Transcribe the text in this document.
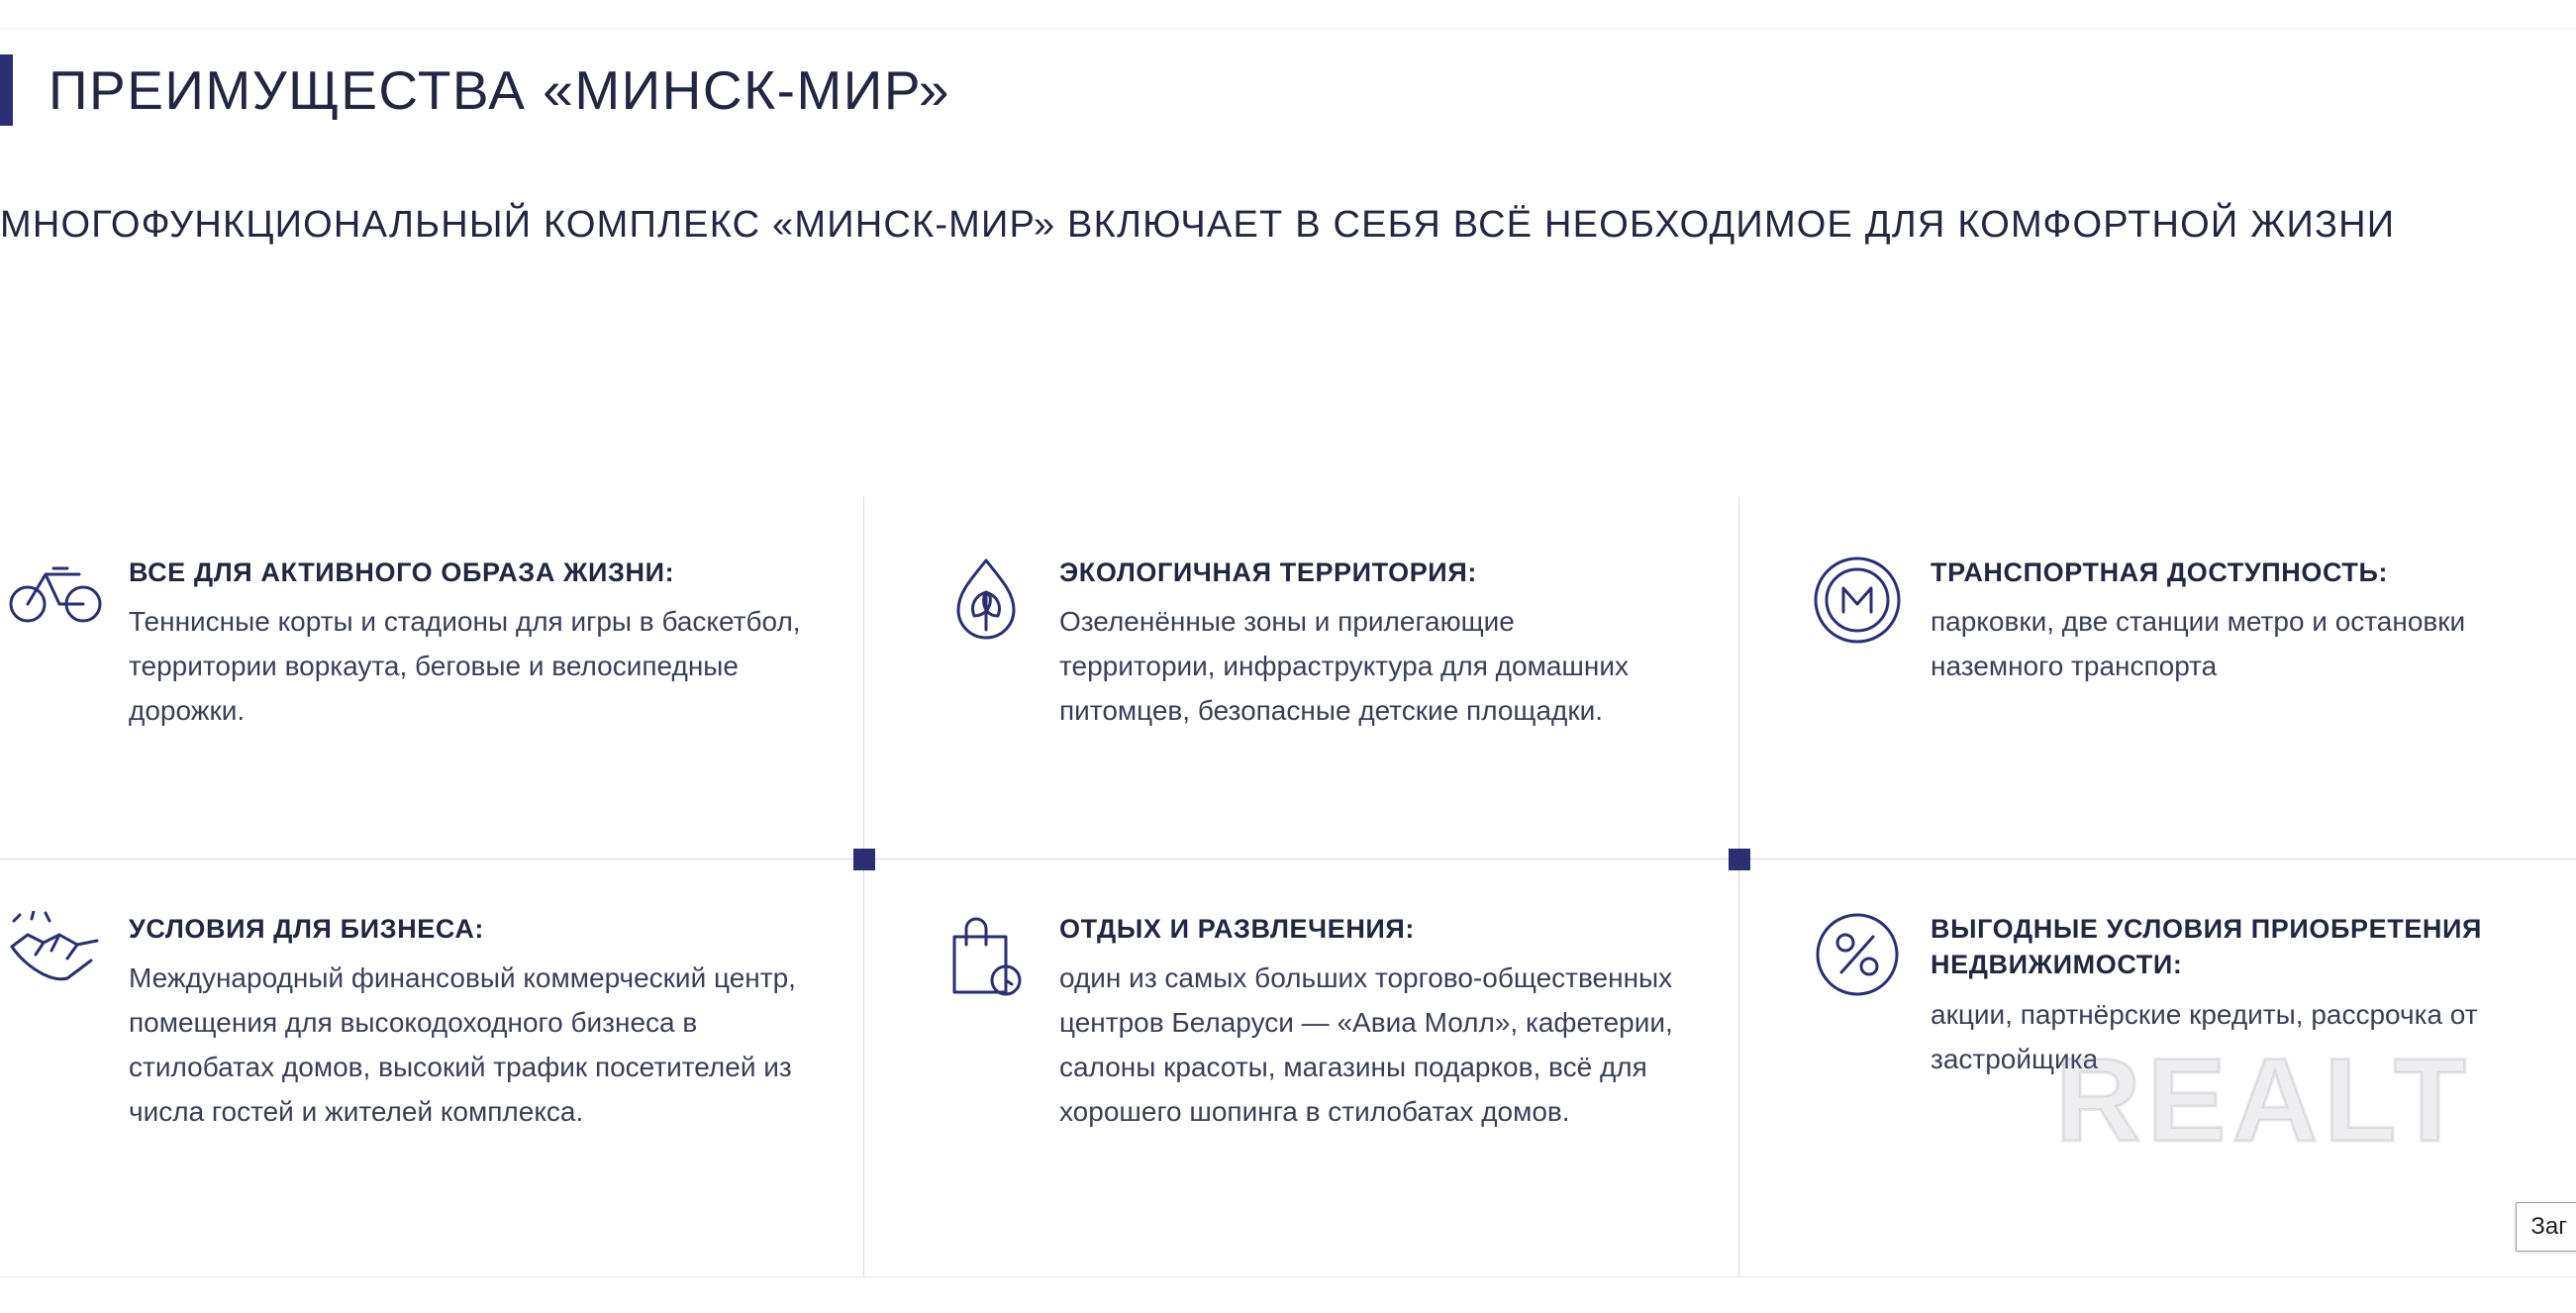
ПРЕИМУЩЕСТВА «МИНСК-МИР»
МНОГОФУНКЦИОНАЛЬНЫЙ КОМПЛЕКС «МИНСК-МИР» ВКЛЮЧАЕТ В СЕБЯ ВСЁ НЕОБХОДИМОЕ ДЛЯ КОМФОРТНОЙ ЖИЗНИ
ВСЕ ДЛЯ АКТИВНОГО ОБРАЗА ЖИЗНИ:
Теннисные корты и стадионы для игры в баскетбол, территории воркаута, беговые и велосипедные дорожки.
ЭКОЛОГИЧНАЯ ТЕРРИТОРИЯ:
Озеленённые зоны и прилегающие территории, инфраструктура для домашних питомцев, безопасные детские площадки.
ТРАНСПОРТНАЯ ДОСТУПНОСТЬ:
парковки, две станции метро и остановки наземного транспорта
УСЛОВИЯ ДЛЯ БИЗНЕСА:
Международный финансовый коммерческий центр, помещения для высокодоходного бизнеса в стилобатах домов, высокий трафик посетителей из числа гостей и жителей комплекса.
ОТДЫХ И РАЗВЛЕЧЕНИЯ:
один из самых больших торгово-общественных центров Беларуси — «Авиа Молл», кафетерии, салоны красоты, магазины подарков, всё для хорошего шопинга в стилобатах домов.
ВЫГОДНЫЕ УСЛОВИЯ ПРИОБРЕТЕНИЯ НЕДВИЖИМОСТИ:
акции, партнёрские кредиты, рассрочка от застройщика
REALT
Заг
